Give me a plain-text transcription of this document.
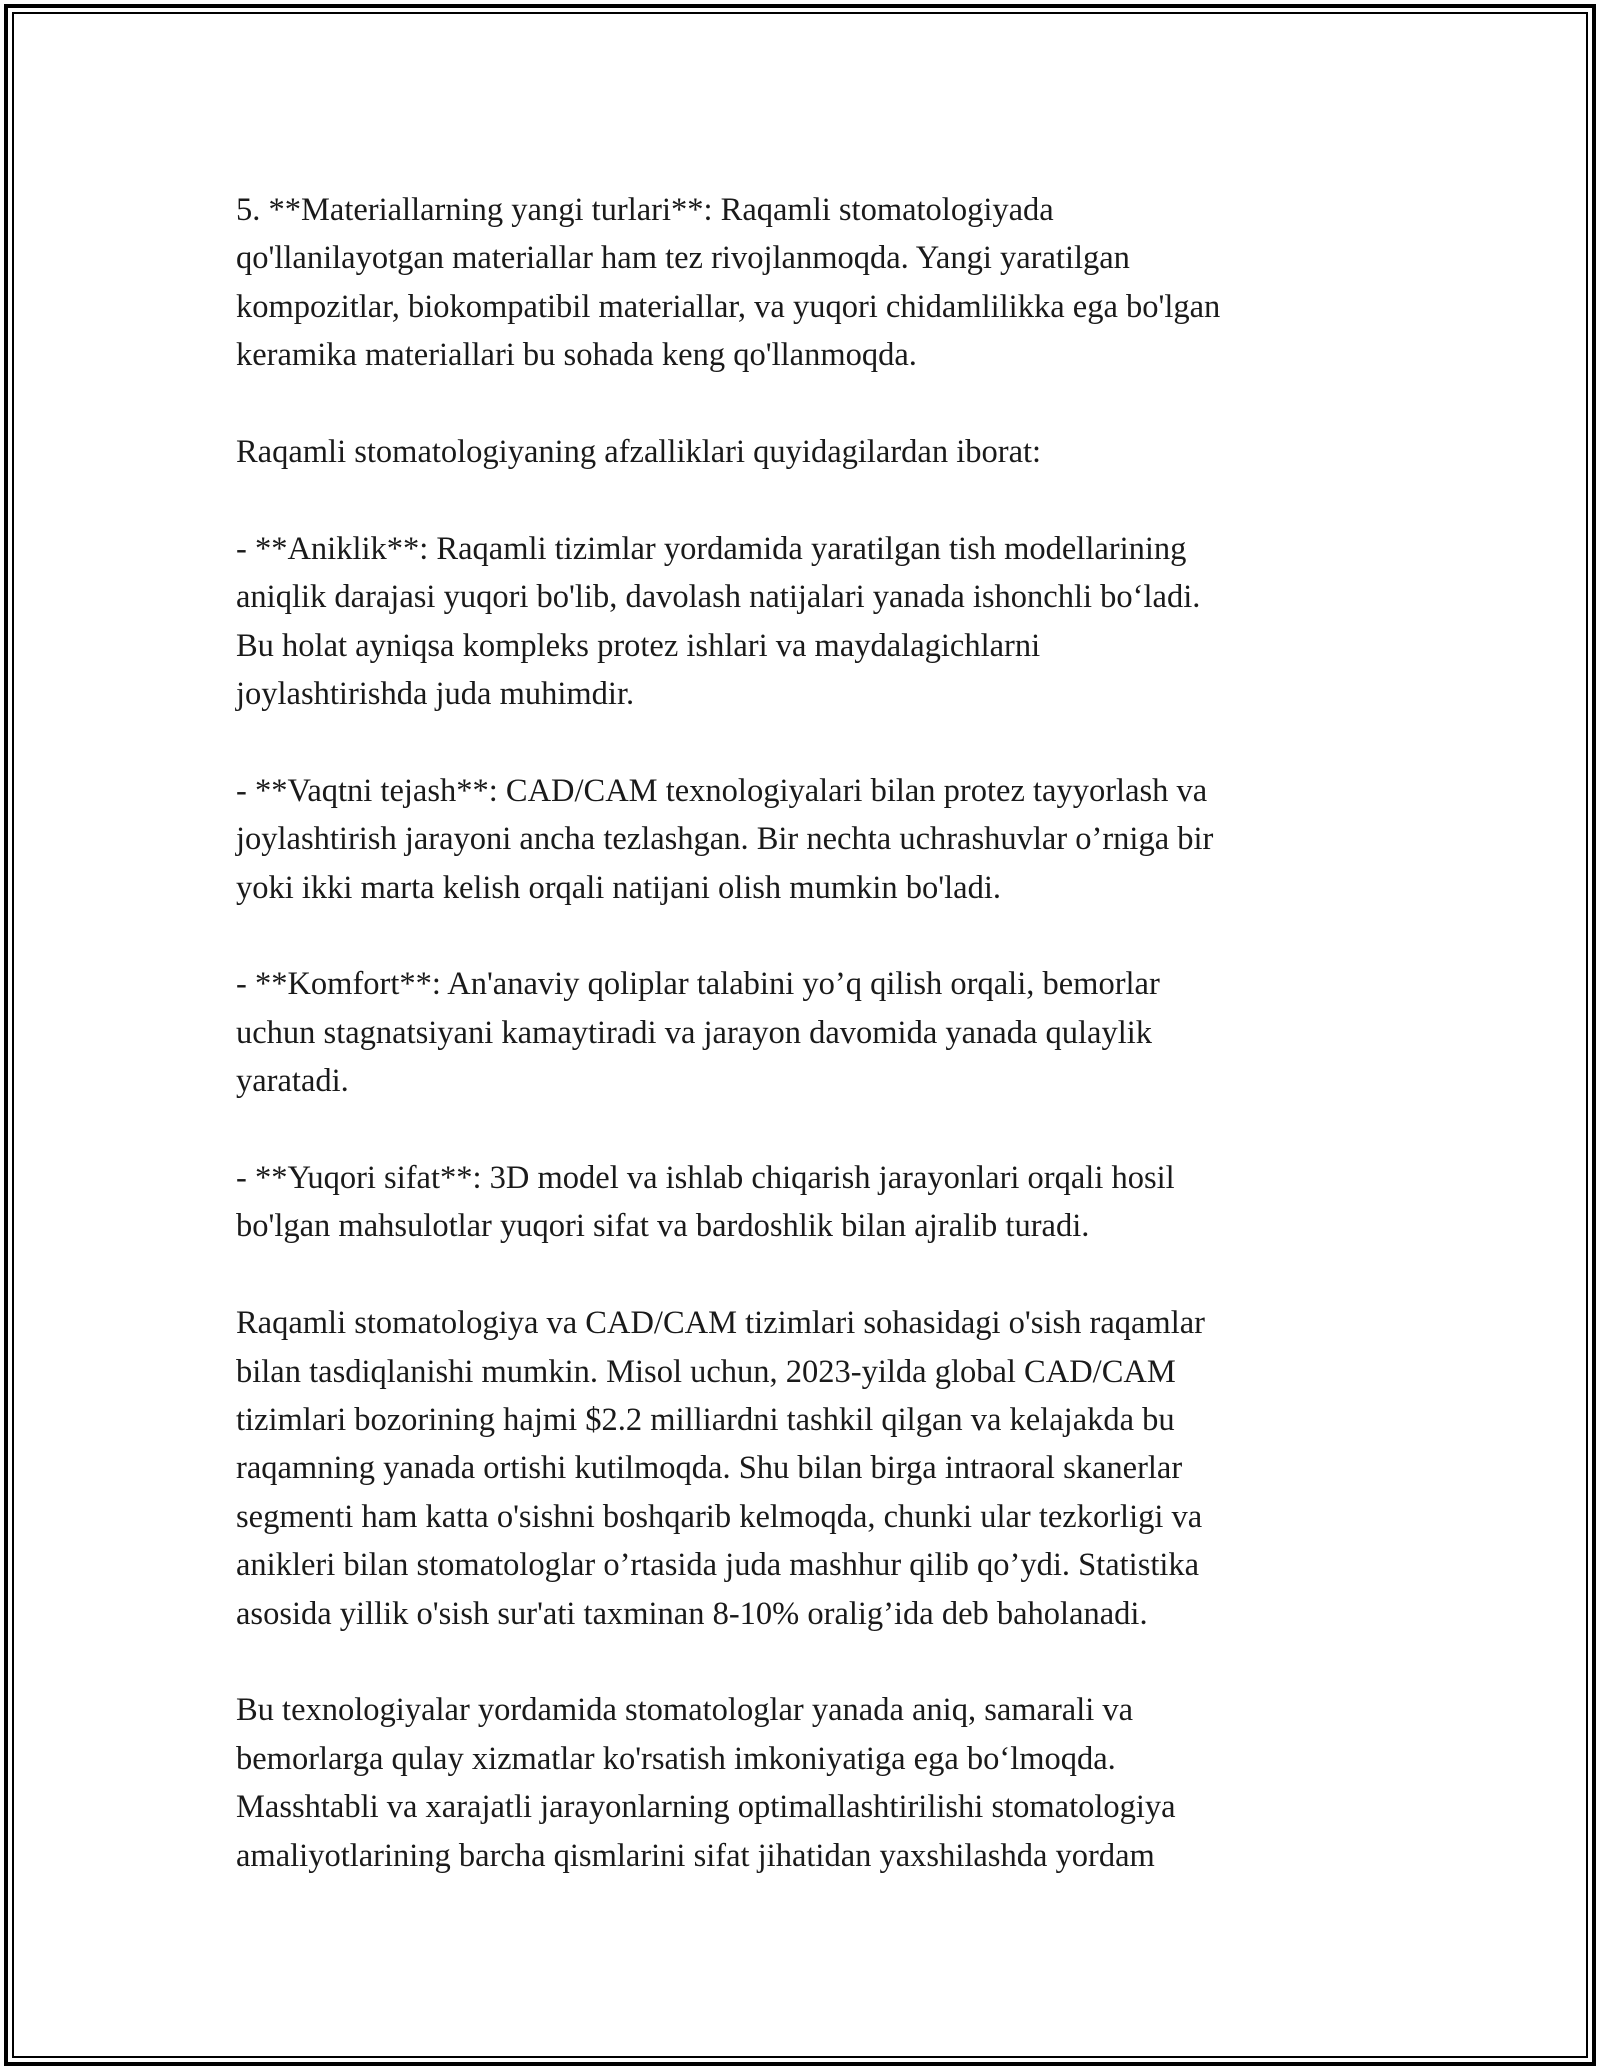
5. **Materiallarning yangi turlari**: Raqamli stomatologiyada
qo'llanilayotgan materiallar ham tez rivojlanmoqda. Yangi yaratilgan
kompozitlar, biokompatibil materiallar, va yuqori chidamlilikka ega bo'lgan
keramika materiallari bu sohada keng qo'llanmoqda.

Raqamli stomatologiyaning afzalliklari quyidagilardan iborat:

- **Aniklik**: Raqamli tizimlar yordamida yaratilgan tish modellarining
aniqlik darajasi yuqori bo'lib, davolash natijalari yanada ishonchli bo‘ladi.
Bu holat ayniqsa kompleks protez ishlari va maydalagichlarni
joylashtirishda juda muhimdir.

- **Vaqtni tejash**: CAD/CAM texnologiyalari bilan protez tayyorlash va
joylashtirish jarayoni ancha tezlashgan. Bir nechta uchrashuvlar o’rniga bir
yoki ikki marta kelish orqali natijani olish mumkin bo'ladi.

- **Komfort**: An'anaviy qoliplar talabini yo’q qilish orqali, bemorlar
uchun stagnatsiyani kamaytiradi va jarayon davomida yanada qulaylik
yaratadi.

- **Yuqori sifat**: 3D model va ishlab chiqarish jarayonlari orqali hosil
bo'lgan mahsulotlar yuqori sifat va bardoshlik bilan ajralib turadi.

Raqamli stomatologiya va CAD/CAM tizimlari sohasidagi o'sish raqamlar
bilan tasdiqlanishi mumkin. Misol uchun, 2023-yilda global CAD/CAM
tizimlari bozorining hajmi $2.2 milliardni tashkil qilgan va kelajakda bu
raqamning yanada ortishi kutilmoqda. Shu bilan birga intraoral skanerlar
segmenti ham katta o'sishni boshqarib kelmoqda, chunki ular tezkorligi va
anikleri bilan stomatologlar o’rtasida juda mashhur qilib qo’ydi. Statistika
asosida yillik o'sish sur'ati taxminan 8-10% oralig’ida deb baholanadi.

Bu texnologiyalar yordamida stomatologlar yanada aniq, samarali va
bemorlarga qulay xizmatlar ko'rsatish imkoniyatiga ega bo‘lmoqda.
Masshtabli va xarajatli jarayonlarning optimallashtirilishi stomatologiya
amaliyotlarining barcha qismlarini sifat jihatidan yaxshilashda yordam
